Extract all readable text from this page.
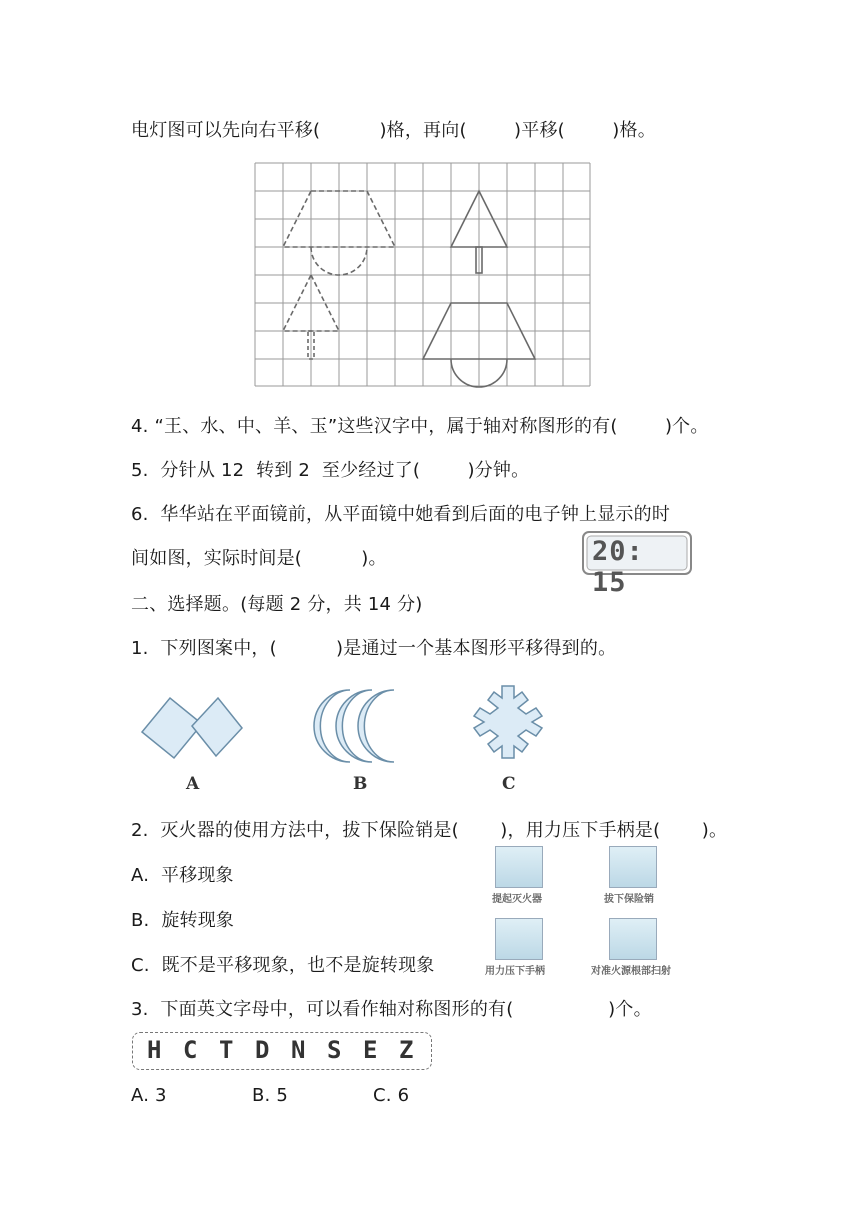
电灯图可以先向右平移(          )格，再向(        )平移(        )格。
4. “王、水、中、羊、玉”这些汉字中，属于轴对称图形的有(        )个。
5.  分针从 12  转到 2  至少经过了(        )分钟。
6.  华华站在平面镜前，从平面镜中她看到后面的电子钟上显示的时
间如图，实际时间是(          )。	20: 15
二、选择题。(每题 2 分，共 14 分)
1.  下列图案中，(          )是通过一个基本图形平移得到的。
A	B	C
2.  灭火器的使用方法中，拔下保险销是(       )，用力压下手柄是(       )。
A.  平移现象
B.  旋转现象
C.  既不是平移现象，也不是旋转现象
提起灭火器	拔下保险销
用力压下手柄	对准火源根部扫射
3.  下面英文字母中，可以看作轴对称图形的有(                )个。
H C T D N S E Z
A. 3	B. 5	C. 6
